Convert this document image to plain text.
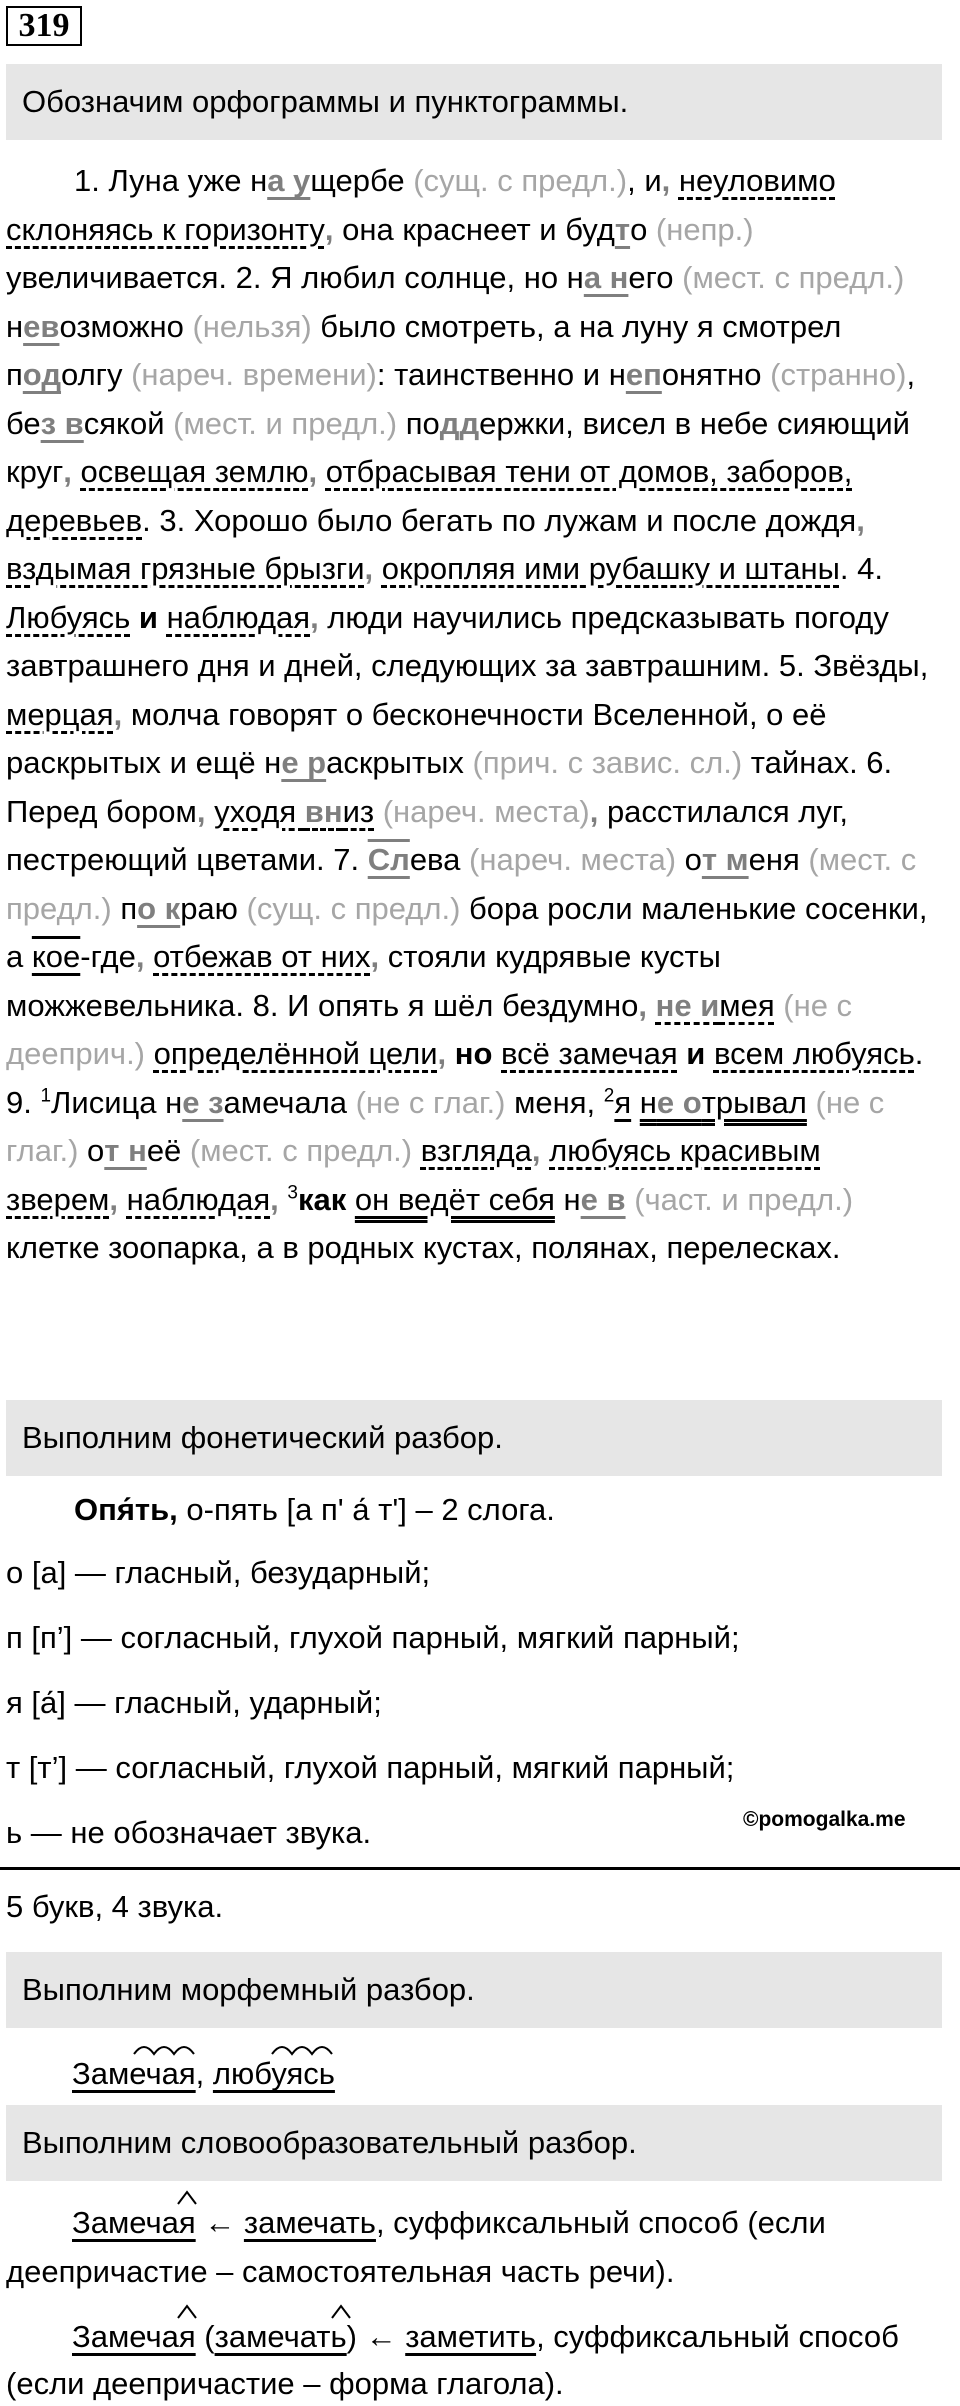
319
Обозначим орфограммы и пунктограммы.
1. Луна уже на ущербе (сущ. с предл.), и, неуловимо склоняясь к горизонту, она краснеет и будто (непр.) увеличивается. 2. Я любил солнце, но на него (мест. с предл.) невозможно (нельзя) было смотреть, а на луну я смотрел подолгу (нареч. времени): таинственно и непонятно (странно), без всякой (мест. и предл.) поддержки, висел в небе сияющий круг, освещая землю, отбрасывая тени от домов, заборов, деревьев. 3. Хорошо было бегать по лужам и после дождя, вздымая грязные брызги, окропляя ими рубашку и штаны. 4. Любуясь и наблюдая, люди научились предсказывать погоду завтрашнего дня и дней, следующих за завтрашним. 5. Звёзды, мерцая, молча говорят о бесконечности Вселенной, о её раскрытых и ещё не раскрытых (прич. с завис. сл.) тайнах. 6. Перед бором, уходя вниз (нареч. места), расстилался луг, пестреющий цветами. 7. Слева (нареч. места) от меня (мест. с предл.) по краю (сущ. с предл.) бора росли маленькие сосенки, а кое-где, отбежав от них, стояли кудрявые кусты можжевельника. 8. И опять я шёл бездумно, не имея (не с дееприч.) определённой цели, но всё замечая и всем любуясь. 9. $^1$Лисица не замечала (не с глаг.) меня, $^2$я не отрывал (не с глаг.) от неё (мест. с предл.) взгляда, любуясь красивым зверем, наблюдая, $^3$как он ведёт себя не в (част. и предл.) клетке зоопарка, а в родных кустах, полянах, перелесках.
Выполним фонетический разбор.
Опя́ть, о-пять [а п' а́ т'] – 2 слога.
о [а] — гласный, безударный;
п [п’] — согласный, глухой парный, мягкий парный;
я [а́] — гласный, ударный;
т [т’] — согласный, глухой парный, мягкий парный;
ь — не обозначает звука.	©pomogalka.me
5 букв, 4 звука.
Выполним морфемный разбор.
Замечая, любуясь
Выполним словообразовательный разбор.
Замечая ← замечать, суффиксальный способ (если
деепричастие – самостоятельная часть речи).
Замечая (замечать) ← заметить, суффиксальный способ
(если деепричастие – форма глагола).
